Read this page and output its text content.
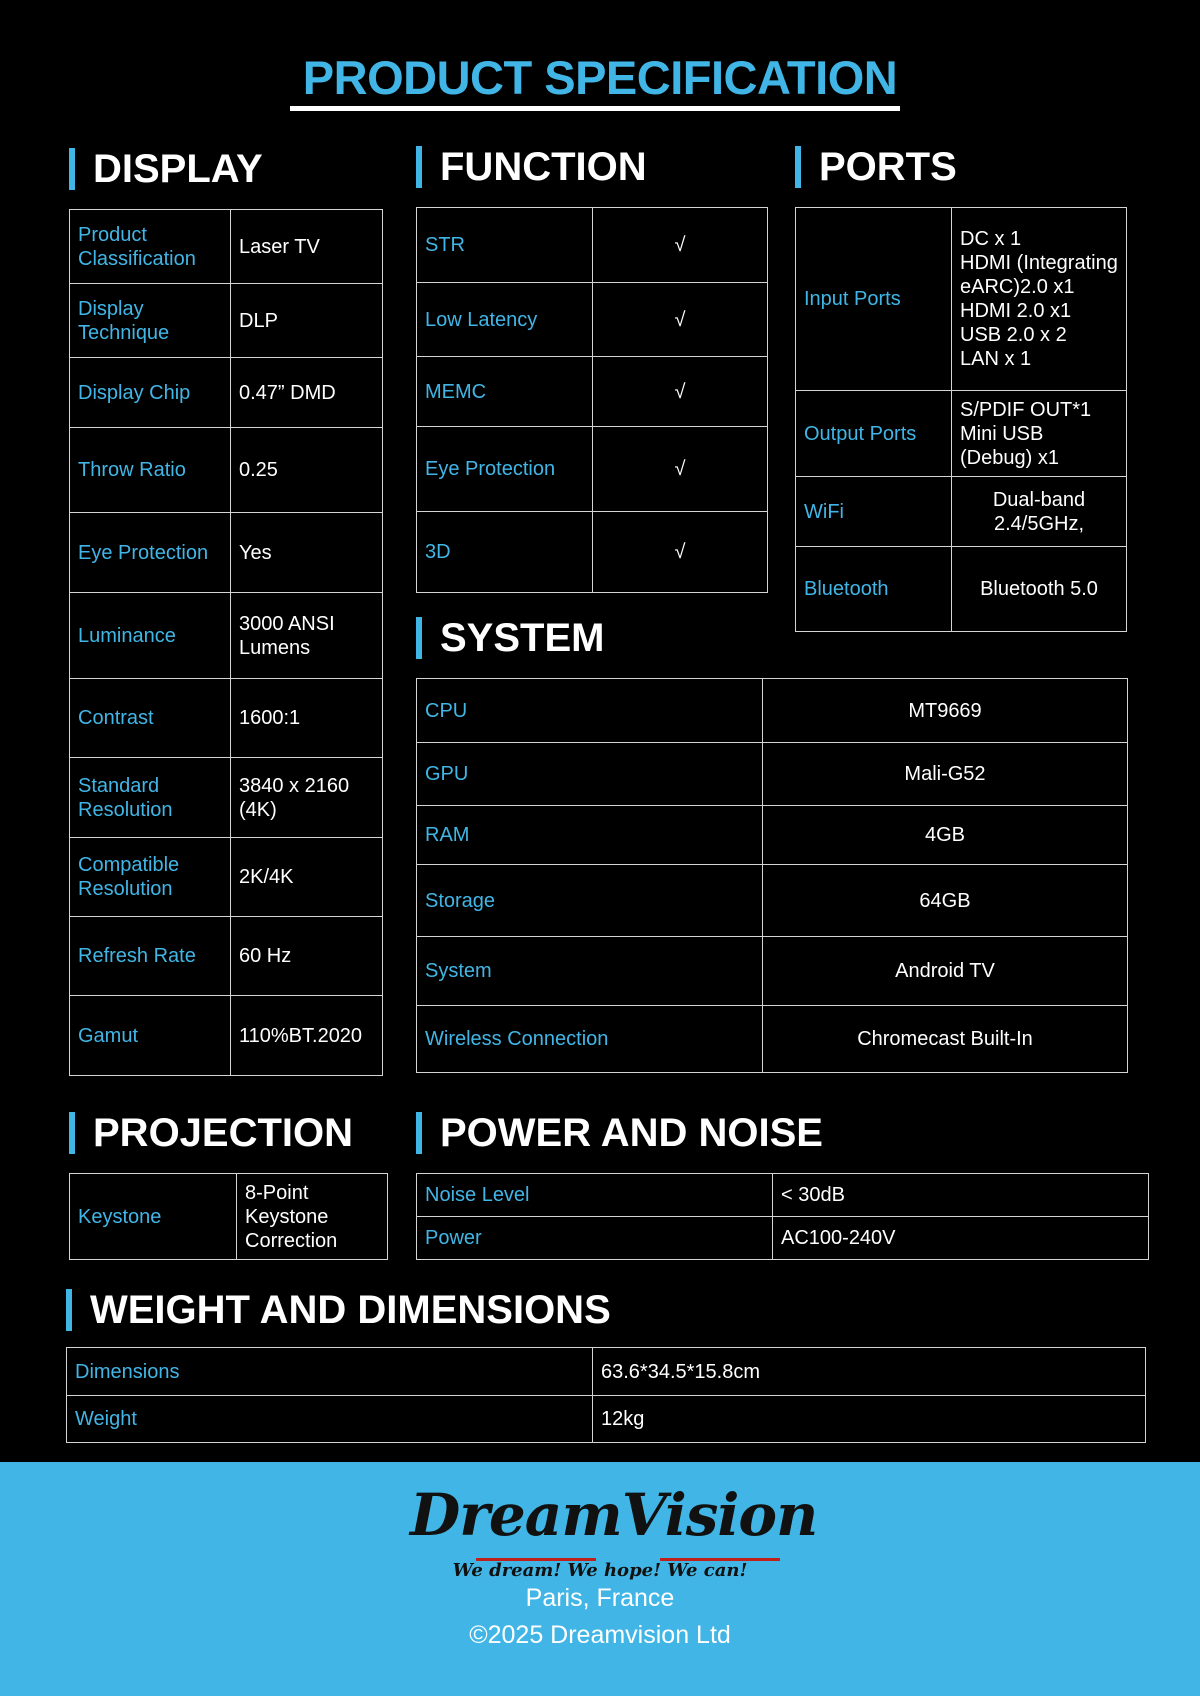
PRODUCT SPECIFICATION
DISPLAY
Product Classification	Laser TV
Display Technique	DLP
Display Chip	0.47” DMD
Throw Ratio	0.25
Eye Protection	Yes
Luminance	3000 ANSI Lumens
Contrast	1600:1
Standard Resolution	3840 x 2160 (4K)
Compatible Resolution	2K/4K
Refresh Rate	60 Hz
Gamut	110%BT.2020
FUNCTION
STR	√
Low Latency	√
MEMC	√
Eye Protection	√
3D	√
PORTS
Input Ports	DC x 1
HDMI (Integrating eARC)2.0 x1
HDMI 2.0 x1
USB 2.0 x 2
LAN x 1
Output Ports	S/PDIF OUT*1
Mini USB (Debug) x1
WiFi	Dual-band 2.4/5GHz,
Bluetooth	Bluetooth 5.0
SYSTEM
CPU	MT9669
GPU	Mali-G52
RAM	4GB
Storage	64GB
System	Android TV
Wireless Connection	Chromecast Built-In
PROJECTION
Keystone	8-Point Keystone Correction
POWER AND NOISE
Noise Level	< 30dB
Power	AC100-240V
WEIGHT AND DIMENSIONS
Dimensions	63.6*34.5*15.8cm
Weight	12kg
DreamVision
We dream! We hope! We can!
Paris, France
©2025 Dreamvision Ltd
